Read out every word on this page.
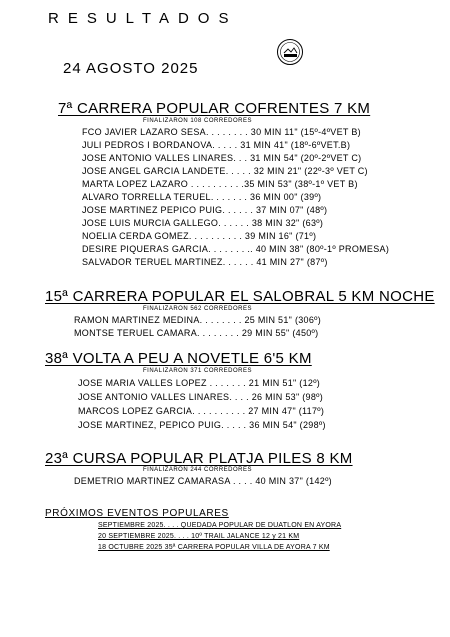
RESULTADOS
24 AGOSTO 2025
7ª CARRERA POPULAR COFRENTES 7 KM
FINALIZARON 108 CORREDORES
FCO JAVIER LAZARO SESA. . . . . . . . 30 MIN 11" (15º-4ºVET B)
JULI PEDROS I BORDANOVA. . . . . 31 MIN 41" (18º-6ºVET.B)
JOSE ANTONIO VALLES LINARES. . . 31 MIN 54" (20º-2ºVET C)
JOSE ANGEL GARCIA LANDETE. . . . . 32 MIN 21" (22º-3º VET C)
MARTA LOPEZ LAZARO . . . . . . . . . .35 MIN 53" (38º-1º VET B)
ALVARO TORRELLA TERUEL. . . . . . . 36 MIN 00" (39º)
JOSE MARTINEZ PEPICO PUIG. . . . . . 37 MIN 07" (48º)
JOSE LUIS MURCIA GALLEGO. . . . . . 38 MIN 32" (63º)
NOELIA CERDA GOMEZ. . . . . . . . . . 39 MIN 16" (71º)
DESIRE PIQUERAS GARCIA. . . . . . . .. 40 MIN 38" (80º-1º PROMESA)
SALVADOR TERUEL MARTINEZ. . . . . . 41 MIN 27" (87º)
15ª CARRERA POPULAR EL SALOBRAL 5 KM NOCHE
FINALIZARON 562 CORREDORES
RAMON MARTINEZ MEDINA. . . . . . . . 25 MIN 51" (306º)
MONTSE TERUEL CAMARA. . . . . . . . 29 MIN 55" (450º)
38ª VOLTA A PEU A NOVETLE 6'5 KM
FINALIZARON 371 CORREDORES
JOSE MARIA VALLES LOPEZ . . . . . . . 21 MIN 51" (12º)
JOSE ANTONIO VALLES LINARES. . . . 26 MIN 53" (98º)
MARCOS LOPEZ GARCIA. . . . . . . . . . 27 MIN 47" (117º)
JOSE MARTINEZ, PEPICO PUIG. . . . . 36 MIN 54" (298º)
23ª CURSA POPULAR PLATJA PILES 8 KM
FINALIZARON 244 CORREDORES
DEMETRIO MARTINEZ CAMARASA . . . . 40 MIN 37" (142º)
PRÓXIMOS EVENTOS POPULARES
SEPTIEMBRE 2025. . . . QUEDADA POPULAR DE DUATLON EN AYORA
20 SEPTIEMBRE 2025. . . . 10º TRAIL JALANCE 12 y 21 KM
18 OCTUBRE 2025 35ª CARRERA POPULAR VILLA DE AYORA 7 KM
